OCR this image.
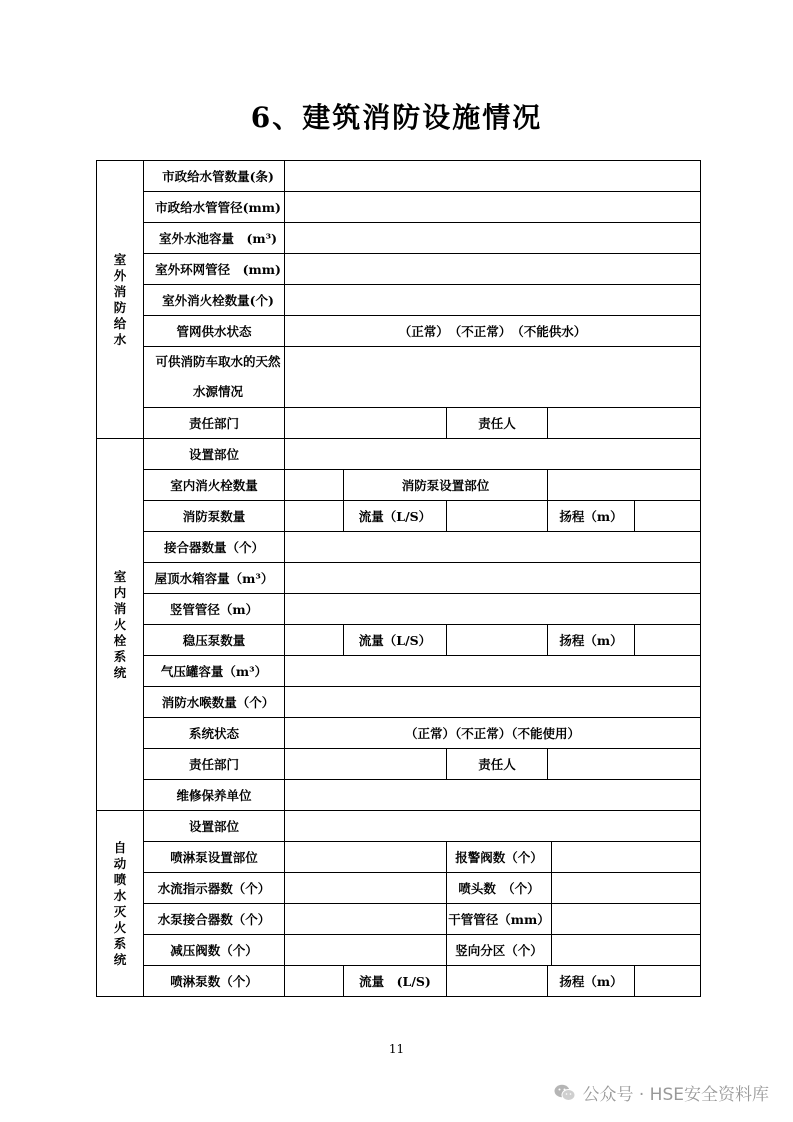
6、建筑消防设施情况
室外消防给水	市政给水管数量(条)						
	市政给水管管径(mm)						
	室外水池容量　(m³)						
	室外环网管径　(mm)						
	室外消火栓数量(个)						
	管网供水状态	（正常）　（不正常）　（不能供水）					
	可供消防车取水的天然水源情况						

	责任部门			责任人			
室内消火栓系统	设置部位						
	室内消火栓数量		消防泵设置部位				
	消防泵数量		流量（L/S）		扬程（m）		
	接合器数量（个）						
	屋顶水箱容量（m³）						
	竖管管径（m）						
	稳压泵数量		流量（L/S）		扬程（m）		
	气压罐容量（m³）						
	消防水喉数量（个）						
	系统状态	（正常）（不正常）（不能使用）					
	责任部门			责任人			
	维修保养单位						
自动喷水灭火系统	设置部位						
	喷淋泵设置部位			报警阀数（个）			
	水流指示器数（个）			喷头数　（个）			
	水泵接合器数（个）			干管管径（mm）			
	减压阀数（个）			竖向分区（个）			
	喷淋泵数（个）		流量　(L/S)		扬程（m）		
11
公众号 · HSE安全资料库
